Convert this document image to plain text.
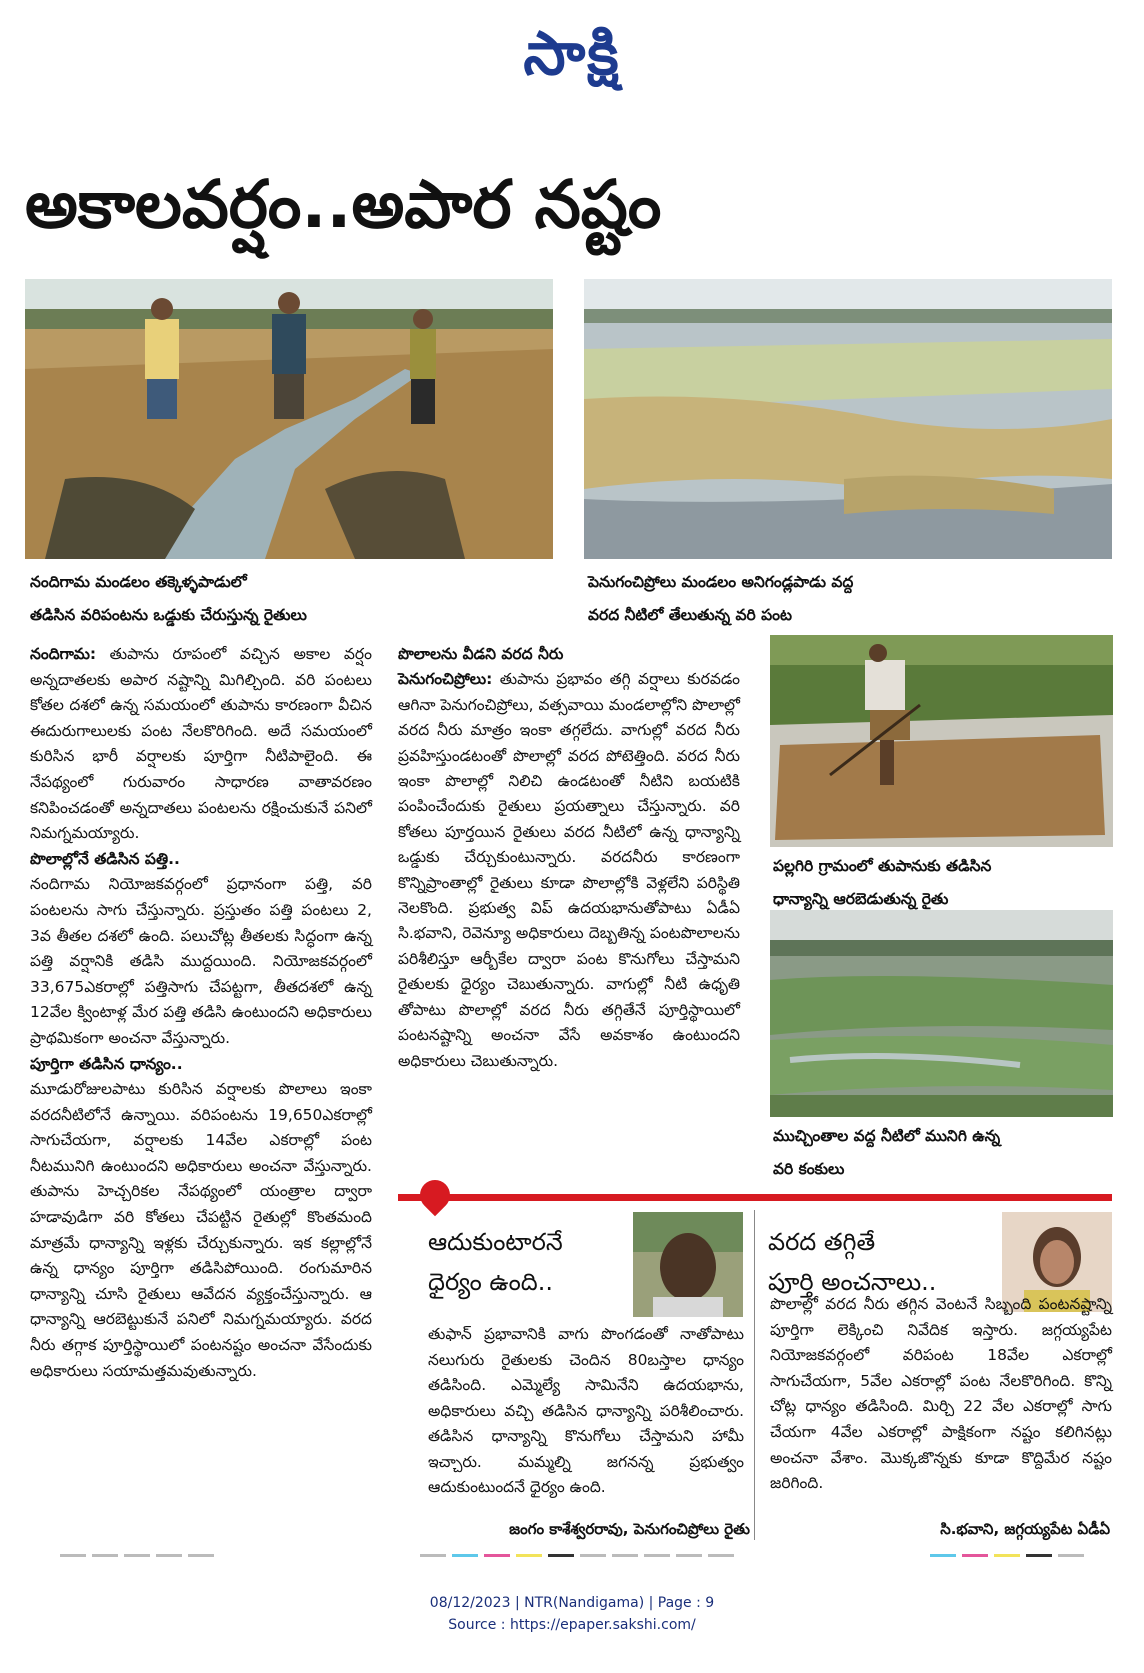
సాక్షి
అకాలవర్షం..అపార నష్టం
నందిగామ మండలం తక్కెళ్ళపాడులో
తడిసిన వరిపంటను ఒడ్డుకు చేరుస్తున్న రైతులు
పెనుగంచిప్రోలు మండలం అనిగండ్లపాడు వద్ద
వరద నీటిలో తేలుతున్న వరి పంట

నందిగామ: తుపాను రూపంలో వచ్చిన అకాల వర్షం అన్నదాతలకు అపార నష్టాన్ని మిగిల్చింది. వరి పంటలు కోతల దశలో ఉన్న సమయంలో తుపాను కారణంగా వీచిన ఈదురుగాలులకు పంట నేలకొరిగింది. అదే సమయంలో కురిసిన భారీ వర్షాలకు పూర్తిగా నీటిపాలైంది. ఈ నేపథ్యంలో గురువారం సాధారణ వాతావరణం కనిపించడంతో అన్నదాతలు పంటలను రక్షించుకునే పనిలో నిమగ్నమయ్యారు.

పొలాల్లోనే తడిసిన పత్తి..

నందిగామ నియోజకవర్గంలో ప్రధానంగా పత్తి, వరి పంటలను సాగు చేస్తున్నారు. ప్రస్తుతం పత్తి పంటలు 2, 3వ తీతల దశలో ఉంది. పలుచోట్ల తీతలకు సిద్ధంగా ఉన్న పత్తి వర్షానికి తడిసి ముద్దయింది. నియోజకవర్గంలో 33,675ఎకరాల్లో పత్తిసాగు చేపట్టగా, తీతదశలో ఉన్న 12వేల క్వింటాళ్ల మేర పత్తి తడిసి ఉంటుందని అధికారులు ప్రాథమికంగా అంచనా వేస్తున్నారు.

పూర్తిగా తడిసిన ధాన్యం..

మూడురోజులపాటు కురిసిన వర్షాలకు పొలాలు ఇంకా వరదనీటిలోనే ఉన్నాయి. వరిపంటను 19,650ఎకరాల్లో సాగుచేయగా, వర్షాలకు 14వేల ఎకరాల్లో పంట నీటమునిగి ఉంటుందని అధికారులు అంచనా వేస్తున్నారు. తుపాను హెచ్చరికల నేపథ్యంలో యంత్రాల ద్వారా హడావుడిగా వరి కోతలు చేపట్టిన రైతుల్లో కొంతమంది మాత్రమే ధాన్యాన్ని ఇళ్లకు చేర్చుకున్నారు. ఇక కల్లాల్లోనే ఉన్న ధాన్యం పూర్తిగా తడిసిపోయింది. రంగుమారిన ధాన్యాన్ని చూసి రైతులు ఆవేదన వ్యక్తంచేస్తున్నారు. ఆ ధాన్యాన్ని ఆరబెట్టుకునే పనిలో నిమగ్నమయ్యారు. వరద నీరు తగ్గాక పూర్తిస్థాయిలో పంటనష్టం అంచనా వేసేందుకు అధికారులు సయామత్తమవుతున్నారు.

పొలాలను వీడని వరద నీరు

పెనుగంచిప్రోలు: తుపాను ప్రభావం తగ్గి వర్షాలు కురవడం ఆగినా పెనుగంచిప్రోలు, వత్సవాయి మండలాల్లోని పొలాల్లో వరద నీరు మాత్రం ఇంకా తగ్గలేదు. వాగుల్లో వరద నీరు ప్రవహిస్తుండటంతో పొలాల్లో వరద పోటెత్తింది. వరద నీరు ఇంకా పొలాల్లో నిలిచి ఉండటంతో నీటిని బయటికి పంపించేందుకు రైతులు ప్రయత్నాలు చేస్తున్నారు. వరి కోతలు పూర్తయిన రైతులు వరద నీటిలో ఉన్న ధాన్యాన్ని ఒడ్డుకు చేర్చుకుంటున్నారు. వరదనీరు కారణంగా కొన్నిప్రాంతాల్లో రైతులు కూడా పొలాల్లోకి వెళ్లలేని పరిస్థితి నెలకొంది. ప్రభుత్వ విప్ ఉదయభానుతోపాటు ఏడీఏ సి.భవాని, రెవెన్యూ అధికారులు దెబ్బతిన్న పంటపొలాలను పరిశీలిస్తూ ఆర్బీకేల ద్వారా పంట కొనుగోలు చేస్తామని రైతులకు ధైర్యం చెబుతున్నారు. వాగుల్లో నీటి ఉధృతి తోపాటు పొలాల్లో వరద నీరు తగ్గితేనే పూర్తిస్థాయిలో పంటనష్టాన్ని అంచనా వేసే అవకాశం ఉంటుందని అధికారులు చెబుతున్నారు.

పల్లగిరి గ్రామంలో తుపానుకు తడిసిన
ధాన్యాన్ని ఆరబెడుతున్న రైతు
ముచ్చింతాల వద్ద నీటిలో మునిగి ఉన్న
వరి కంకులు
ఆదుకుంటారనే
ధైర్యం ఉంది..
తుఫాన్ ప్రభావానికి వాగు పొంగడంతో నాతోపాటు నలుగురు రైతులకు చెందిన 80బస్తాల ధాన్యం తడిసింది. ఎమ్మెల్యే సామినేని ఉదయభాను, అధికారులు వచ్చి తడిసిన ధాన్యాన్ని పరిశీలించారు. తడిసిన ధాన్యాన్ని కొనుగోలు చేస్తామని హామీ ఇచ్చారు. మమ్మల్ని జగనన్న ప్రభుత్వం ఆదుకుంటుందనే ధైర్యం ఉంది.
జంగం కాశేశ్వరరావు, పెనుగంచిప్రోలు రైతు
వరద తగ్గితే
పూర్తి అంచనాలు..
పొలాల్లో వరద నీరు తగ్గిన వెంటనే సిబ్బంది పంటనష్టాన్ని పూర్తిగా లెక్కించి నివేదిక ఇస్తారు. జగ్గయ్యపేట నియోజకవర్గంలో వరిపంట 18వేల ఎకరాల్లో సాగుచేయగా, 5వేల ఎకరాల్లో పంట నేలకొరిగింది. కొన్ని చోట్ల ధాన్యం తడిసింది. మిర్చి 22 వేల ఎకరాల్లో సాగు చేయగా 4వేల ఎకరాల్లో పాక్షికంగా నష్టం కలిగినట్లు అంచనా వేశాం. మొక్కజొన్నకు కూడా కొద్దిమేర నష్టం జరిగింది.
సి.భవాని, జగ్గయ్యపేట ఏడీఏ
08/12/2023 | NTR(Nandigama) | Page : 9
Source : https://epaper.sakshi.com/
